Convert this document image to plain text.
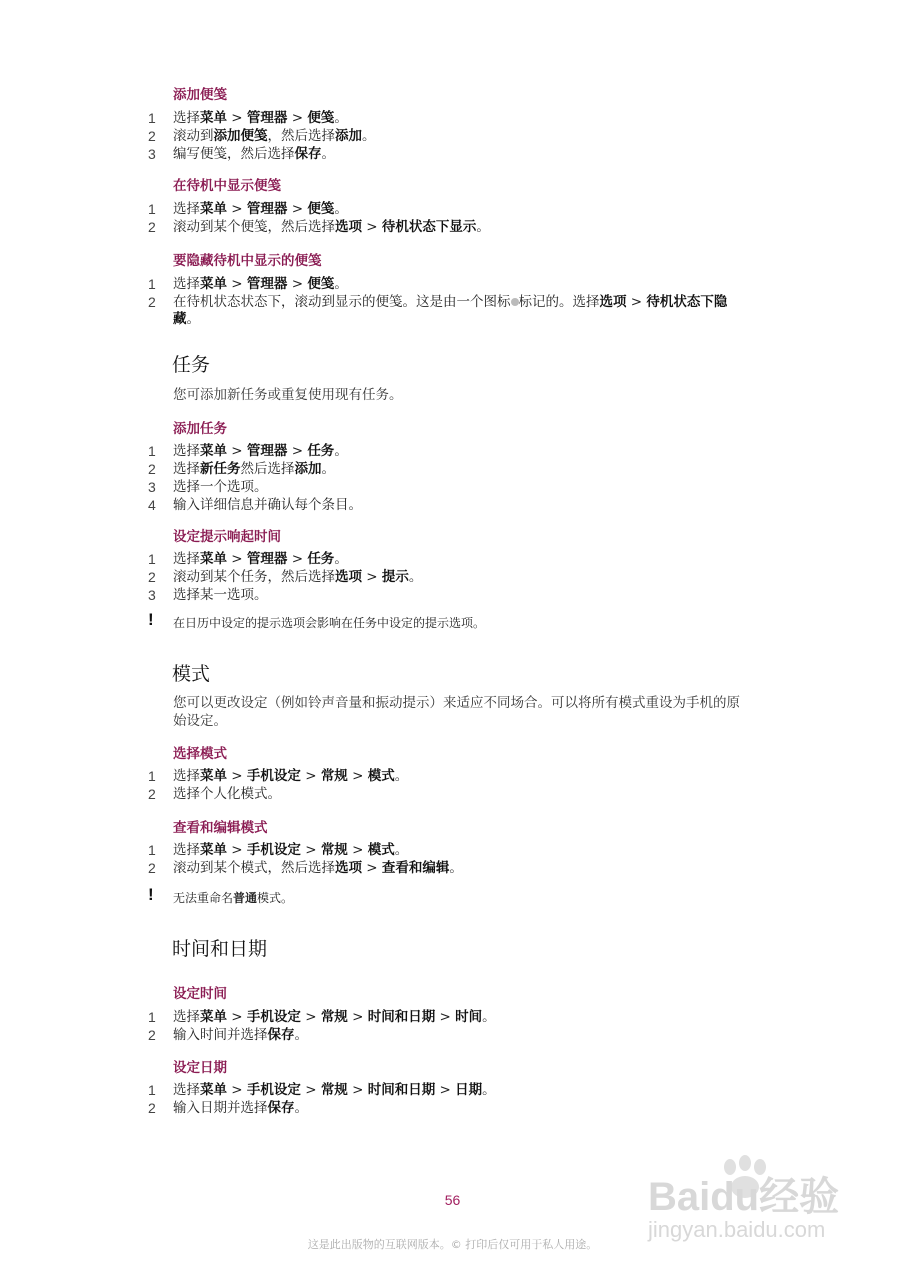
添加便笺
在待机中显示便笺
要隐藏待机中显示的便笺
任务
您可添加新任务或重复使用现有任务。
添加任务
设定提示响起时间
! 在日历中设定的提示选项会影响在任务中设定的提示选项。
模式
您可以更改设定（例如铃声音量和振动提示）来适应不同场合。可以将所有模式重设为手机的原始设定。
选择模式
查看和编辑模式
! 无法重命名普通模式。
时间和日期
设定时间
设定日期
56
这是此出版物的互联网版本。© 打印后仅可用于私人用途。
Baidu经验
jingyan.baidu.com
1 选择菜单 > 管理器 > 便笺。
2 滚动到添加便笺，然后选择添加。
3 编写便笺，然后选择保存。
1 选择菜单 > 管理器 > 便笺。
2 滚动到某个便笺，然后选择选项 > 待机状态下显示。
1 选择菜单 > 管理器 > 便笺。
2 在待机状态状态下，滚动到显示的便笺。这是由一个图标 标记的。选择选项 > 待机状态下隐藏。
1 选择菜单 > 管理器 > 任务。
2 选择新任务然后选择添加。
3 选择一个选项。
4 输入详细信息并确认每个条目。
1 选择菜单 > 管理器 > 任务。
2 滚动到某个任务，然后选择选项 > 提示。
3 选择某一选项。
1 选择菜单 > 手机设定 > 常规 > 模式。
2 选择个人化模式。
1 选择菜单 > 手机设定 > 常规 > 模式。
2 滚动到某个模式，然后选择选项 > 查看和编辑。
1 选择菜单 > 手机设定 > 常规 > 时间和日期 > 时间。
2 输入时间并选择保存。
1 选择菜单 > 手机设定 > 常规 > 时间和日期 > 日期。
2 输入日期并选择保存。
